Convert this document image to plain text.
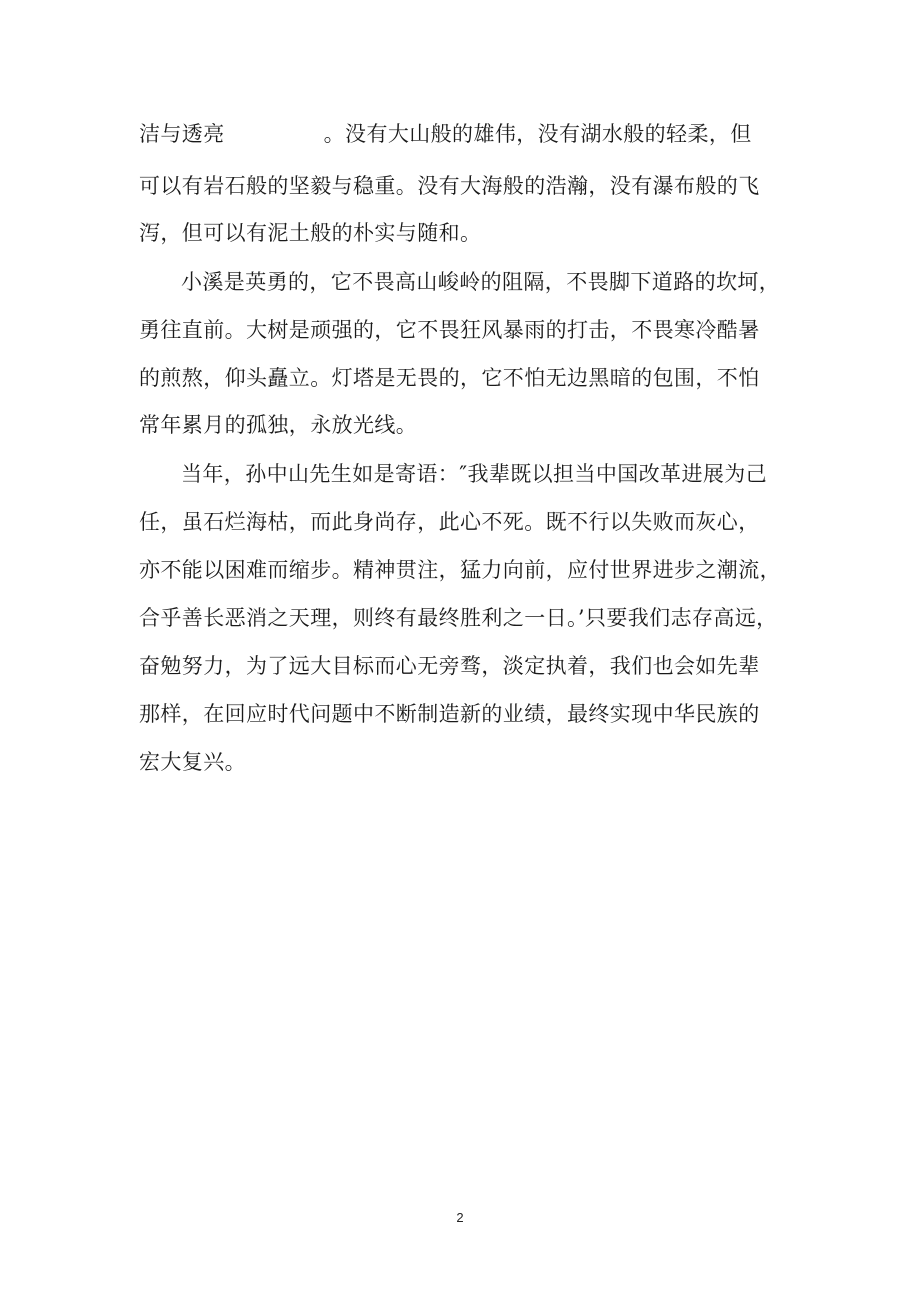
洁与透亮              。没有大山般的雄伟，没有湖水般的轻柔，但
可以有岩石般的坚毅与稳重。没有大海般的浩瀚，没有瀑布般的飞
泻，但可以有泥土般的朴实与随和。
小溪是英勇的，它不畏高山峻岭的阻隔，不畏脚下道路的坎坷，
勇往直前。大树是顽强的，它不畏狂风暴雨的打击，不畏寒冷酷暑
的煎熬，仰头矗立。灯塔是无畏的，它不怕无边黑暗的包围，不怕
常年累月的孤独，永放光线。
当年，孙中山先生如是寄语：″我辈既以担当中国改革进展为己
任，虽石烂海枯，而此身尚存，此心不死。既不行以失败而灰心，
亦不能以困难而缩步。精神贯注，猛力向前，应付世界进步之潮流，
合乎善长恶消之天理，则终有最终胜利之一日。’只要我们志存高远，
奋勉努力，为了远大目标而心无旁骛，淡定执着，我们也会如先辈
那样，在回应时代问题中不断制造新的业绩，最终实现中华民族的
宏大复兴。
2
